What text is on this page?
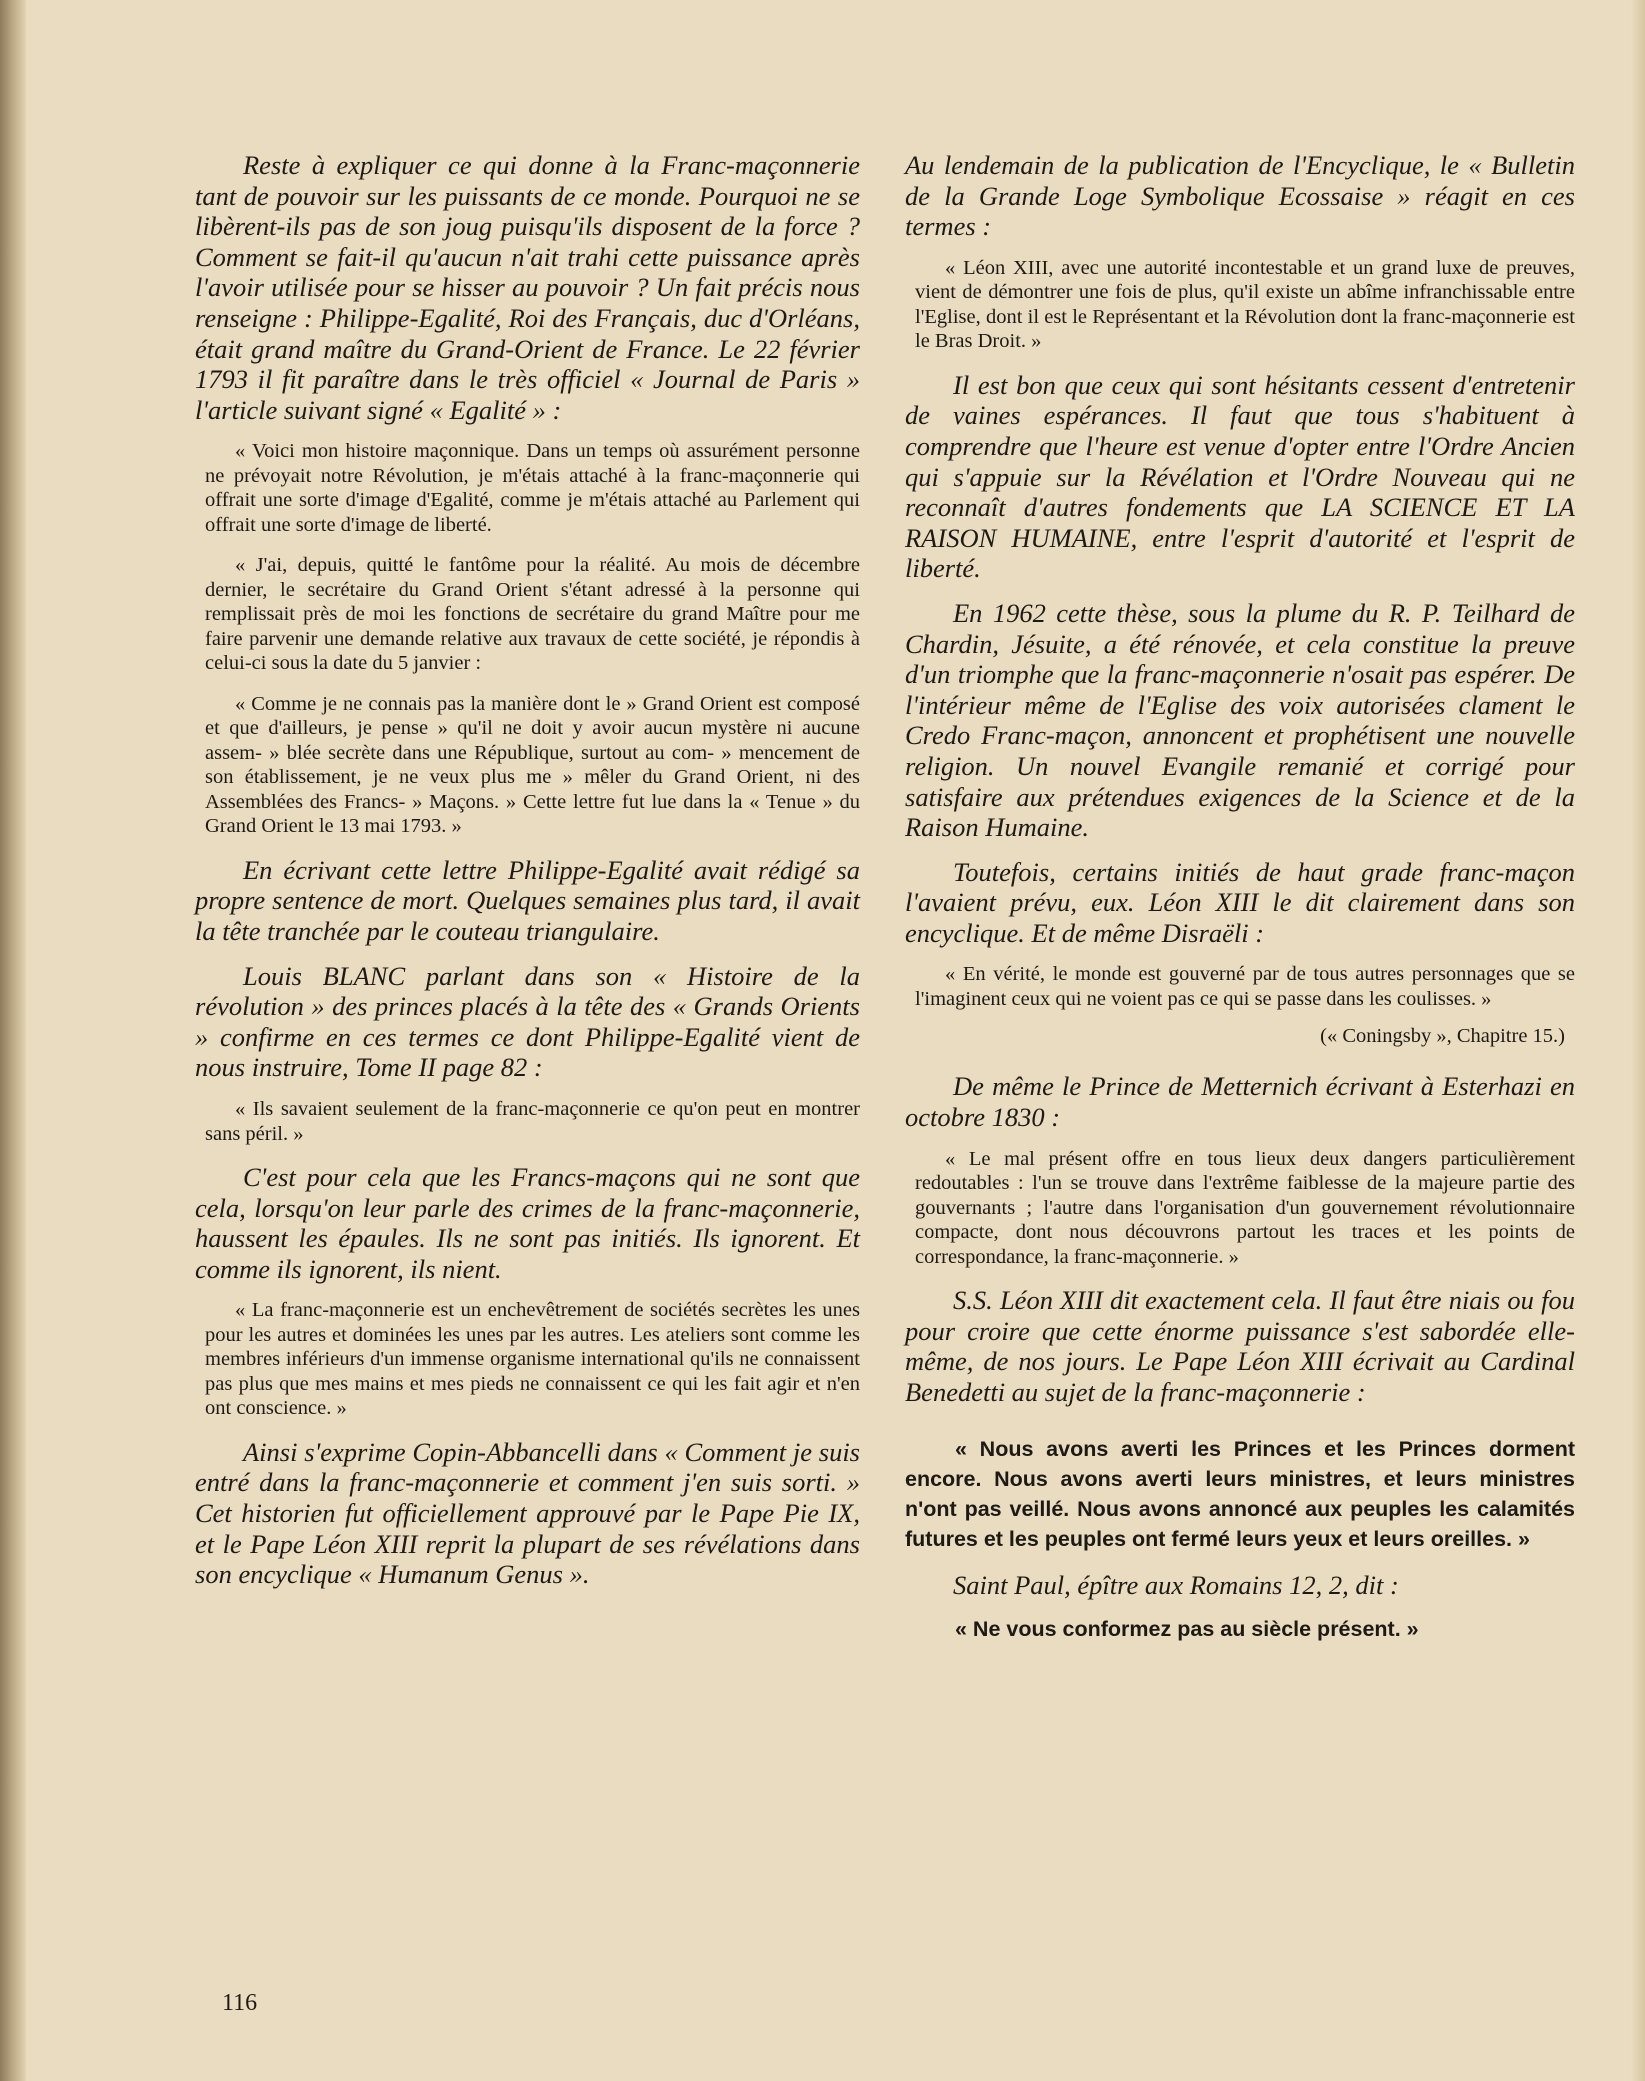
Reste à expliquer ce qui donne à la Franc-maçonnerie tant de pouvoir sur les puissants de ce monde. Pourquoi ne se libèrent-ils pas de son joug puisqu'ils disposent de la force ? Comment se fait-il qu'aucun n'ait trahi cette puissance après l'avoir utilisée pour se hisser au pouvoir ? Un fait précis nous renseigne : Philippe-Egalité, Roi des Français, duc d'Orléans, était grand maître du Grand-Orient de France. Le 22 février 1793 il fit paraître dans le très officiel « Journal de Paris » l'article suivant signé « Egalité » :

« Voici mon histoire maçonnique. Dans un temps où assurément personne ne prévoyait notre Révolution, je m'étais attaché à la franc-maçonnerie qui offrait une sorte d'image d'Egalité, comme je m'étais attaché au Parlement qui offrait une sorte d'image de liberté.

« J'ai, depuis, quitté le fantôme pour la réalité. Au mois de décembre dernier, le secrétaire du Grand Orient s'étant adressé à la personne qui remplissait près de moi les fonctions de secrétaire du grand Maître pour me faire parvenir une demande relative aux travaux de cette société, je répondis à celui-ci sous la date du 5 janvier :

« Comme je ne connais pas la manière dont le » Grand Orient est composé et que d'ailleurs, je pense » qu'il ne doit y avoir aucun mystère ni aucune assem- » blée secrète dans une République, surtout au com- » mencement de son établissement, je ne veux plus me » mêler du Grand Orient, ni des Assemblées des Francs- » Maçons. » Cette lettre fut lue dans la « Tenue » du Grand Orient le 13 mai 1793. »

En écrivant cette lettre Philippe-Egalité avait rédigé sa propre sentence de mort. Quelques semaines plus tard, il avait la tête tranchée par le couteau triangulaire.

Louis BLANC parlant dans son « Histoire de la révolution » des princes placés à la tête des « Grands Orients » confirme en ces termes ce dont Philippe-Egalité vient de nous instruire, Tome II page 82 :

« Ils savaient seulement de la franc-maçonnerie ce qu'on peut en montrer sans péril. »

C'est pour cela que les Francs-maçons qui ne sont que cela, lorsqu'on leur parle des crimes de la franc-maçonnerie, haussent les épaules. Ils ne sont pas initiés. Ils ignorent. Et comme ils ignorent, ils nient.

« La franc-maçonnerie est un enchevêtrement de sociétés secrètes les unes pour les autres et dominées les unes par les autres. Les ateliers sont comme les membres inférieurs d'un immense organisme international qu'ils ne connaissent pas plus que mes mains et mes pieds ne connaissent ce qui les fait agir et n'en ont conscience. »

Ainsi s'exprime Copin-Abbancelli dans « Comment je suis entré dans la franc-maçonnerie et comment j'en suis sorti. » Cet historien fut officiellement approuvé par le Pape Pie IX, et le Pape Léon XIII reprit la plupart de ses révélations dans son encyclique « Humanum Genus ».

Au lendemain de la publication de l'Encyclique, le « Bulletin de la Grande Loge Symbolique Ecossaise » réagit en ces termes :

« Léon XIII, avec une autorité incontestable et un grand luxe de preuves, vient de démontrer une fois de plus, qu'il existe un abîme infranchissable entre l'Eglise, dont il est le Représentant et la Révolution dont la franc-maçonnerie est le Bras Droit. »

Il est bon que ceux qui sont hésitants cessent d'entretenir de vaines espérances. Il faut que tous s'habituent à comprendre que l'heure est venue d'opter entre l'Ordre Ancien qui s'appuie sur la Révélation et l'Ordre Nouveau qui ne reconnaît d'autres fondements que LA SCIENCE ET LA RAISON HUMAINE, entre l'esprit d'autorité et l'esprit de liberté.

En 1962 cette thèse, sous la plume du R. P. Teilhard de Chardin, Jésuite, a été rénovée, et cela constitue la preuve d'un triomphe que la franc-maçonnerie n'osait pas espérer. De l'intérieur même de l'Eglise des voix autorisées clament le Credo Franc-maçon, annoncent et prophétisent une nouvelle religion. Un nouvel Evangile remanié et corrigé pour satisfaire aux prétendues exigences de la Science et de la Raison Humaine.

Toutefois, certains initiés de haut grade franc-maçon l'avaient prévu, eux. Léon XIII le dit clairement dans son encyclique. Et de même Disraëli :

« En vérité, le monde est gouverné par de tous autres personnages que se l'imaginent ceux qui ne voient pas ce qui se passe dans les coulisses. »

(« Coningsby », Chapitre 15.)

De même le Prince de Metternich écrivant à Esterhazi en octobre 1830 :

« Le mal présent offre en tous lieux deux dangers particulièrement redoutables : l'un se trouve dans l'extrême faiblesse de la majeure partie des gouvernants ; l'autre dans l'organisation d'un gouvernement révolutionnaire compacte, dont nous découvrons partout les traces et les points de correspondance, la franc-maçonnerie. »

S.S. Léon XIII dit exactement cela. Il faut être niais ou fou pour croire que cette énorme puissance s'est sabordée elle-même, de nos jours. Le Pape Léon XIII écrivait au Cardinal Benedetti au sujet de la franc-maçonnerie :

« Nous avons averti les Princes et les Princes dorment encore. Nous avons averti leurs ministres, et leurs ministres n'ont pas veillé. Nous avons annoncé aux peuples les calamités futures et les peuples ont fermé leurs yeux et leurs oreilles. »

Saint Paul, épître aux Romains 12, 2, dit :

« Ne vous conformez pas au siècle présent. »

116
